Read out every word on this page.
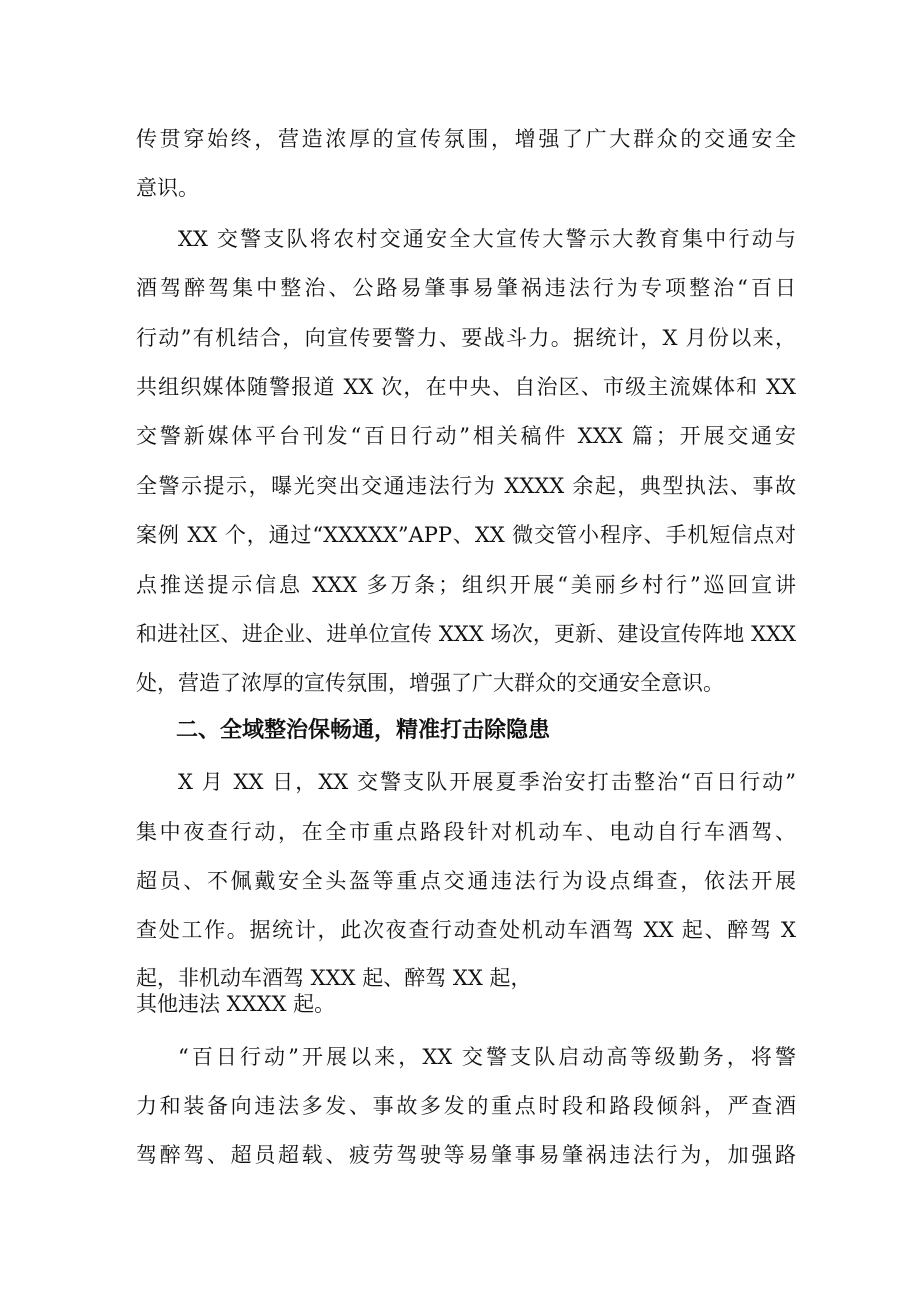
传贯穿始终，营造浓厚的宣传氛围，增强了广大群众的交通安全
意识。
XX 交警支队将农村交通安全大宣传大警示大教育集中行动与
酒驾醉驾集中整治、公路易肇事易肇祸违法行为专项整治“百日
行动”有机结合，向宣传要警力、要战斗力。据统计，X 月份以来，
共组织媒体随警报道 XX 次，在中央、自治区、市级主流媒体和 XX
交警新媒体平台刊发“百日行动”相关稿件 XXX 篇；开展交通安
全警示提示，曝光突出交通违法行为 XXXX 余起，典型执法、事故
案例 XX 个，通过“XXXXX”APP、XX 微交管小程序、手机短信点对
点推送提示信息 XXX 多万条；组织开展“美丽乡村行”巡回宣讲
和进社区、进企业、进单位宣传 XXX 场次，更新、建设宣传阵地 XXX
处，营造了浓厚的宣传氛围，增强了广大群众的交通安全意识。
二、全域整治保畅通，精准打击除隐患
X 月 XX 日，XX 交警支队开展夏季治安打击整治“百日行动”
集中夜查行动，在全市重点路段针对机动车、电动自行车酒驾、
超员、不佩戴安全头盔等重点交通违法行为设点缉查，依法开展
查处工作。据统计，此次夜查行动查处机动车酒驾 XX 起、醉驾 X
起，非机动车酒驾 XXX 起、醉驾 XX 起，
其他违法 XXXX 起。
“百日行动”开展以来，XX 交警支队启动高等级勤务，将警
力和装备向违法多发、事故多发的重点时段和路段倾斜，严查酒
驾醉驾、超员超载、疲劳驾驶等易肇事易肇祸违法行为，加强路
